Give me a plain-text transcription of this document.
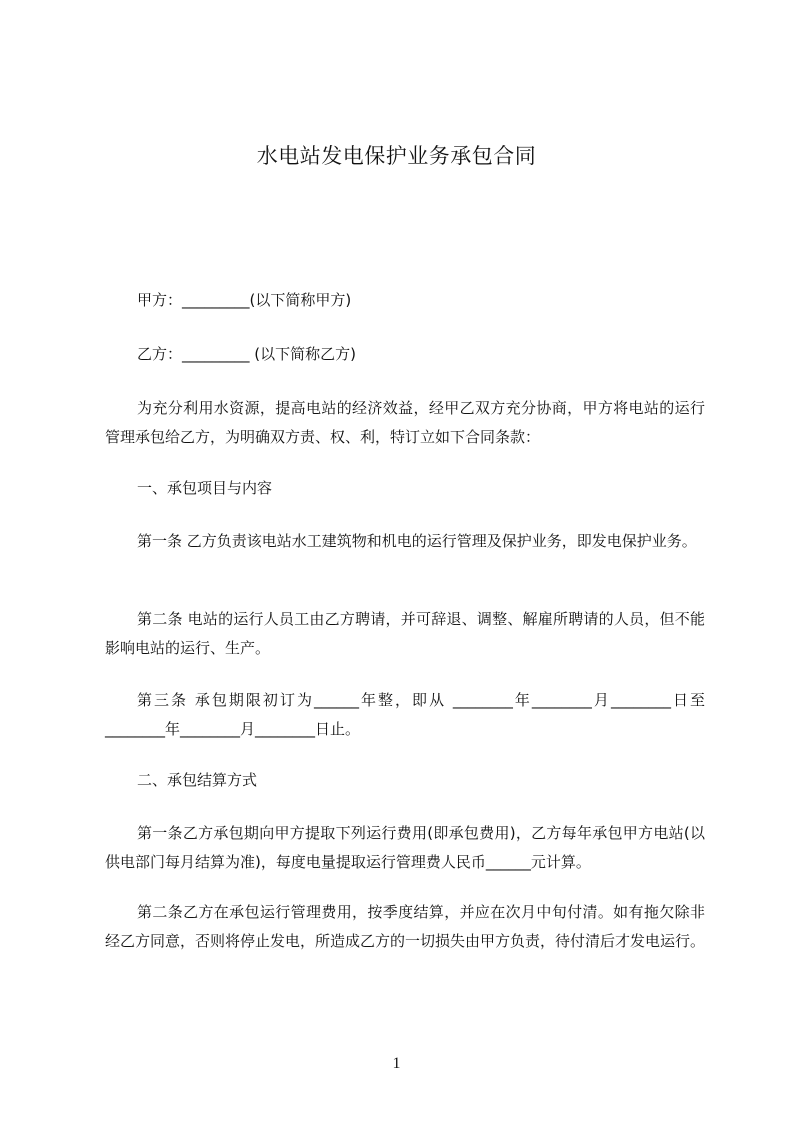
水电站发电保护业务承包合同
甲方：_________(以下简称甲方)
乙方：_________ (以下简称乙方)
为充分利用水资源，提高电站的经济效益，经甲乙双方充分协商，甲方将电站的运行管理承包给乙方，为明确双方责、权、利，特订立如下合同条款：
一、承包项目与内容
第一条 乙方负责该电站水工建筑物和机电的运行管理及保护业务，即发电保护业务。
第二条 电站的运行人员工由乙方聘请，并可辞退、调整、解雇所聘请的人员，但不能影响电站的运行、生产。
第三条 承包期限初订为______年整，即从 ________年________月________日至________年________月________日止。
二、承包结算方式
第一条乙方承包期向甲方提取下列运行费用(即承包费用)，乙方每年承包甲方电站(以供电部门每月结算为准)，每度电量提取运行管理费人民币______元计算。
第二条乙方在承包运行管理费用，按季度结算，并应在次月中旬付清。如有拖欠除非经乙方同意，否则将停止发电，所造成乙方的一切损失由甲方负责，待付清后才发电运行。
1
